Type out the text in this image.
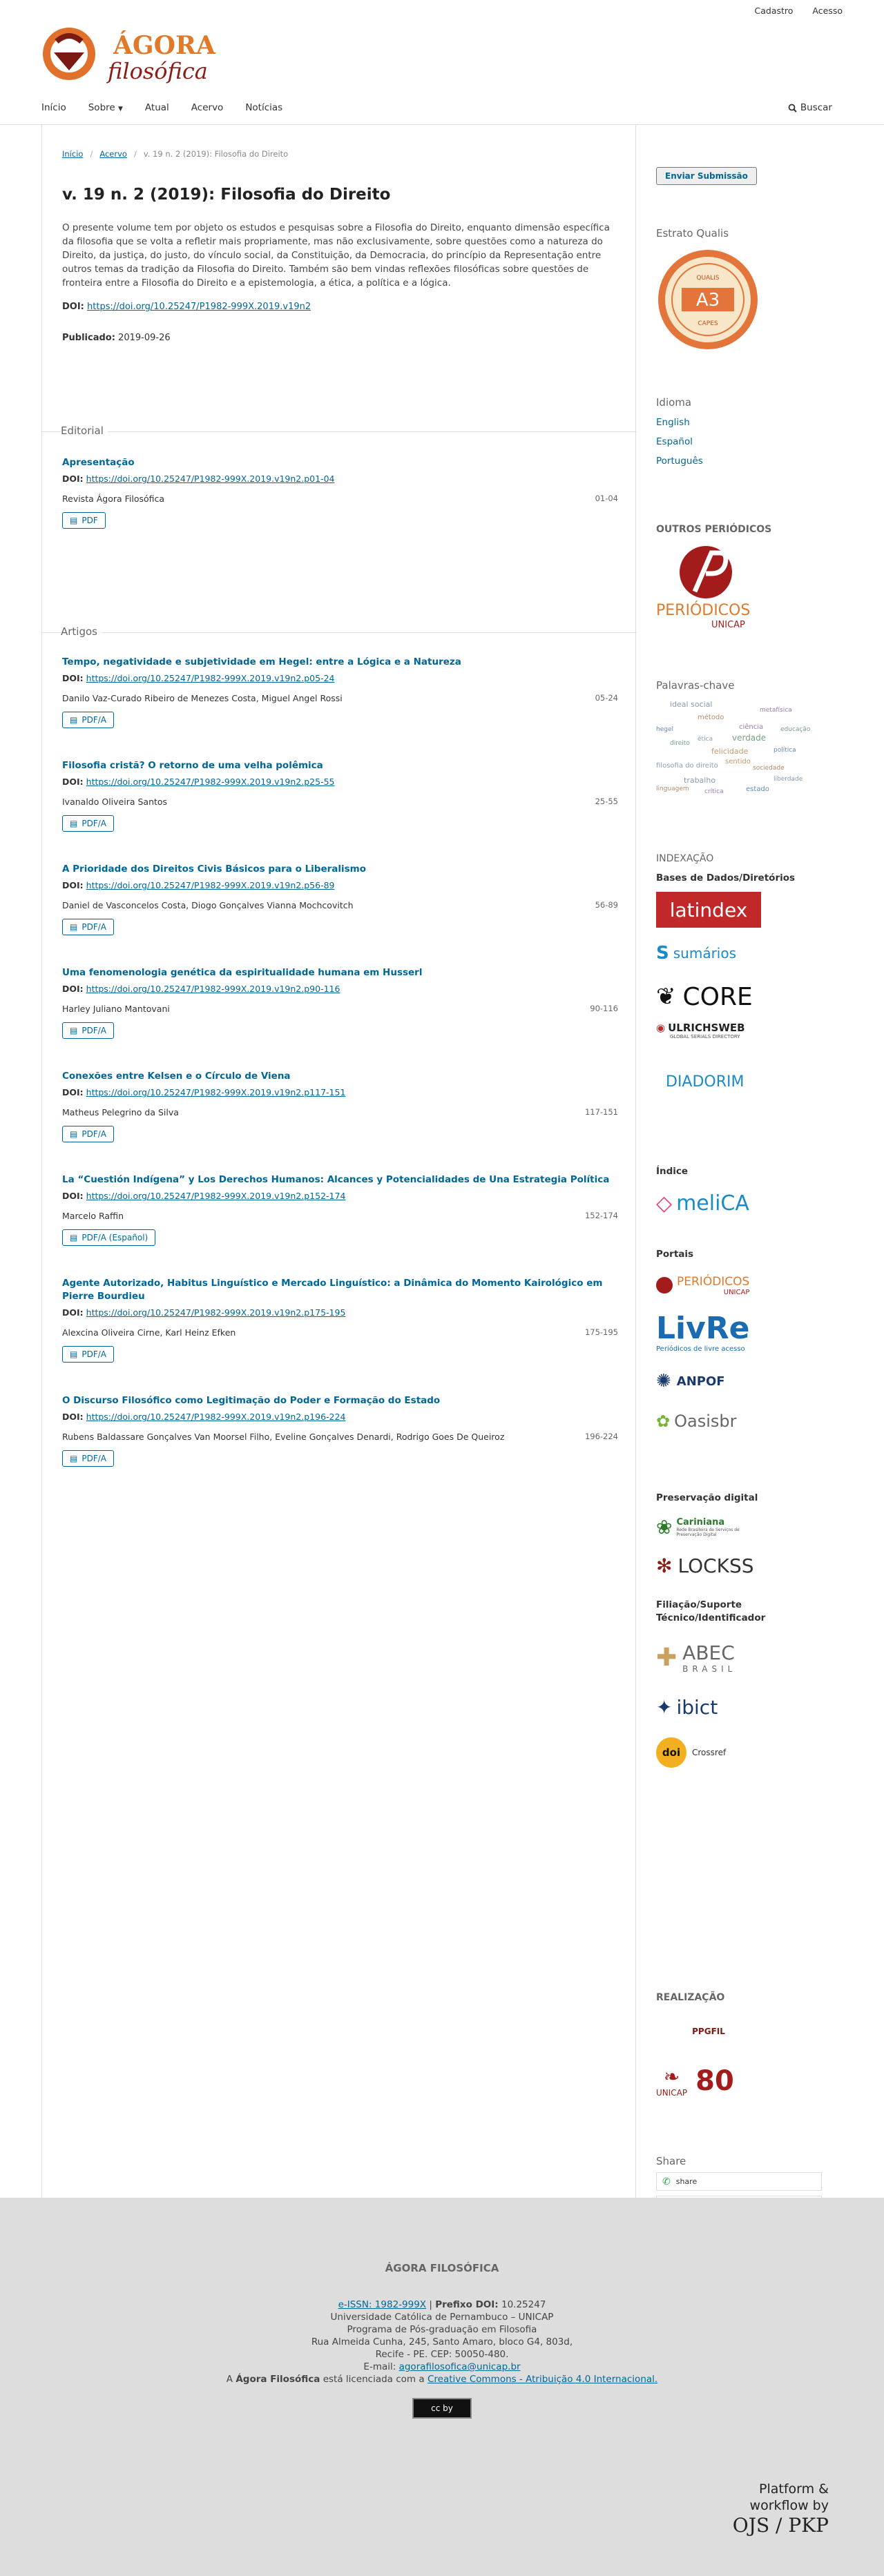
Cadastro Acesso
ÁGORA
filosófica
Início Sobre ▼ Atual Acervo Notícias	Buscar
Início / Acervo / v. 19 n. 2 (2019): Filosofia do Direito
v. 19 n. 2 (2019): Filosofia do Direito
O presente volume tem por objeto os estudos e pesquisas sobre a Filosofia do Direito, enquanto dimensão específica da filosofia que se volta a refletir mais propriamente, mas não exclusivamente, sobre questões como a natureza do Direito, da justiça, do justo, do vínculo social, da Constituição, da Democracia, do princípio da Representação entre outros temas da tradição da Filosofia do Direito. Também são bem vindas reflexões filosóficas sobre questões de fronteira entre a Filosofia do Direito e a epistemologia, a ética, a política e a lógica.
DOI: https://doi.org/10.25247/P1982-999X.2019.v19n2
Publicado: 2019-09-26
Editorial
Artigos
Apresentação
DOI: https://doi.org/10.25247/P1982-999X.2019.v19n2.p01-04
Revista Ágora Filosófica	01-04
▤ PDF
Tempo, negatividade e subjetividade em Hegel: entre a Lógica e a Natureza
DOI: https://doi.org/10.25247/P1982-999X.2019.v19n2.p05-24
Danilo Vaz-Curado Ribeiro de Menezes Costa, Miguel Angel Rossi	05-24
▤ PDF/A
Filosofia cristã? O retorno de uma velha polêmica
DOI: https://doi.org/10.25247/P1982-999X.2019.v19n2.p25-55
Ivanaldo Oliveira Santos	25-55
▤ PDF/A
A Prioridade dos Direitos Civis Básicos para o Liberalismo
DOI: https://doi.org/10.25247/P1982-999X.2019.v19n2.p56-89
Daniel de Vasconcelos Costa, Diogo Gonçalves Vianna Mochcovitch	56-89
▤ PDF/A
Uma fenomenologia genética da espiritualidade humana em Husserl
DOI: https://doi.org/10.25247/P1982-999X.2019.v19n2.p90-116
Harley Juliano Mantovani	90-116
▤ PDF/A
Conexões entre Kelsen e o Círculo de Viena
DOI: https://doi.org/10.25247/P1982-999X.2019.v19n2.p117-151
Matheus Pelegrino da Silva	117-151
▤ PDF/A
La “Cuestión Indígena” y Los Derechos Humanos: Alcances y Potencialidades de Una Estrategia Política
DOI: https://doi.org/10.25247/P1982-999X.2019.v19n2.p152-174
Marcelo Raffin	152-174
▤ PDF/A (Español)
Agente Autorizado, Habitus Linguístico e Mercado Linguístico: a Dinâmica do Momento Kairológico em Pierre Bourdieu
DOI: https://doi.org/10.25247/P1982-999X.2019.v19n2.p175-195
Alexcina Oliveira Cirne, Karl Heinz Efken	175-195
▤ PDF/A
O Discurso Filosófico como Legitimação do Poder e Formação do Estado
DOI: https://doi.org/10.25247/P1982-999X.2019.v19n2.p196-224
Rubens Baldassare Gonçalves Van Moorsel Filho, Eveline Gonçalves Denardi, Rodrigo Goes De Queiroz	196-224
▤ PDF/A
Enviar Submissão
Estrato Qualis
A3
QUALIS
CAPES
Idioma
English
Español
Português
OUTROS PERIÓDICOS
PERIÓDICOS
UNICAP
Palavras-chave
ideal social
método
hegel	ciência
verdade
felicidade
filosofia do direito
trabalho
sociedade
política
metafísica
direito
sentido
ética
liberdade
linguagem	estado
crítica
educação
INDEXAÇÃO
Bases de Dados/Diretórios
latindex
S sumários
❦ CORE
◉ ULRICHSWEB
GLOBAL SERIALS DIRECTORY
DIADORIM
Índice
◇ meliCA
Portais
PERIÓDICOS
UNICAP
LivRe
Periódicos de livre acesso
✺ ANPOF
✿ Oasisbr
Preservação digital
❀ Cariniana
Rede Brasileira de Serviços de Preservação Digital
✻ LOCKSS
Filiação/Suporte Técnico/Identificador
✚ ABEC
BRASIL
✦ ibict
doi	Crossref
REALIZAÇÃO
PPGFIL
❧
UNICAP 80
Share
✆ share
ÁGORA FILOSÓFICA
e-ISSN: 1982-999X | Prefixo DOI: 10.25247
Universidade Católica de Pernambuco – UNICAP
Programa de Pós-graduação em Filosofia
Rua Almeida Cunha, 245, Santo Amaro, bloco G4, 803d,
Recife - PE. CEP: 50050-480.
E-mail: agorafilosofica@unicap.br
A Ágora Filosófica está licenciada com a Creative Commons - Atribuição 4.0 Internacional.
cc by
Platform &
workflow by
OJS / PKP
